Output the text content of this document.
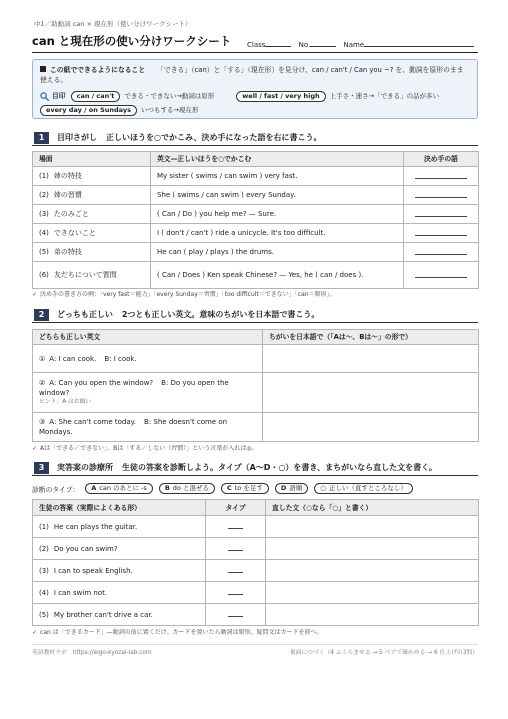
中1／助動詞 can × 現在形（使い分けワークシート）
can と現在形の使い分けワークシート Class	No.	Name

この紙でできるようになること 「できる」（can）と「する」（現在形）を見分け、can / can't / Can you ~? を、動詞を原形のまま使える。

目印	can / can't	できる・できない→動詞は原形	well / fast / very high	上手さ・速さ→「できる」の話が多い
every day / on Sundays	いつもする→現在形
1	目印さがし 正しいほうを○でかこみ、決め手になった語を右に書こう。
場面	英文—正しいほうを○でかこむ	決め手の語
(1) 姉の特技	My sister ( swims / can swim ) very fast.	
(2) 姉の習慣	She ( swims / can swim ) every Sunday.	
(3) たのみごと	( Can / Do ) you help me? — Sure.	
(4) できないこと	I ( don't / can't ) ride a unicycle. It's too difficult.	
(5) 弟の特技	He can ( play / plays ) the drums.	
(6) 友だちについて質問	( Can / Does ) Ken speak Chinese? — Yes, he ( can / does ).	
✓ 決め手の書き方の例：「very fast＝能力」「every Sunday＝習慣」「too difficult＝できない」「can＝原形」。
2	どっちも正しい 2つとも正しい英文。意味のちがいを日本語で書こう。
どちらも正しい英文	ちがいを日本語で（「Aは〜、Bは〜」の形で）
① A: I can cook. B: I cook.	
② A: Can you open the window? B: Do you open the window?
ヒント：A はお願い	

③ A: She can't come today. B: She doesn't come on Mondays.	
✓ Aは「できる／できない」、Bは「する／しない（習慣）」という言葉が入れば◎。
3	実答案の診療所 生徒の答案を診断しよう。タイプ（A〜D・○）を書き、まちがいなら直した文を書く。
診断のタイプ：	A can のあとに -s	B do と混ぜる	C to を足す	D 語順	○ 正しい（直すところなし）
生徒の答案（実際によくある形）	タイプ	直した文（○なら「○」と書く）
(1) He can plays the guitar.		
(2) Do you can swim?		
(3) I can to speak English.		
(4) I can swim not.		
(5) My brother can't drive a car.		
✓ can は「できるカード」—動詞の前に置くだけ。カードを置いたら動詞は原形。疑問文はカードを前へ。
英語教材ラボ https://eigo-kyozai-lab.com	裏面につづく（4 ふくらませる → 5 ペアで確かめる → 6 仕上げの3問）
